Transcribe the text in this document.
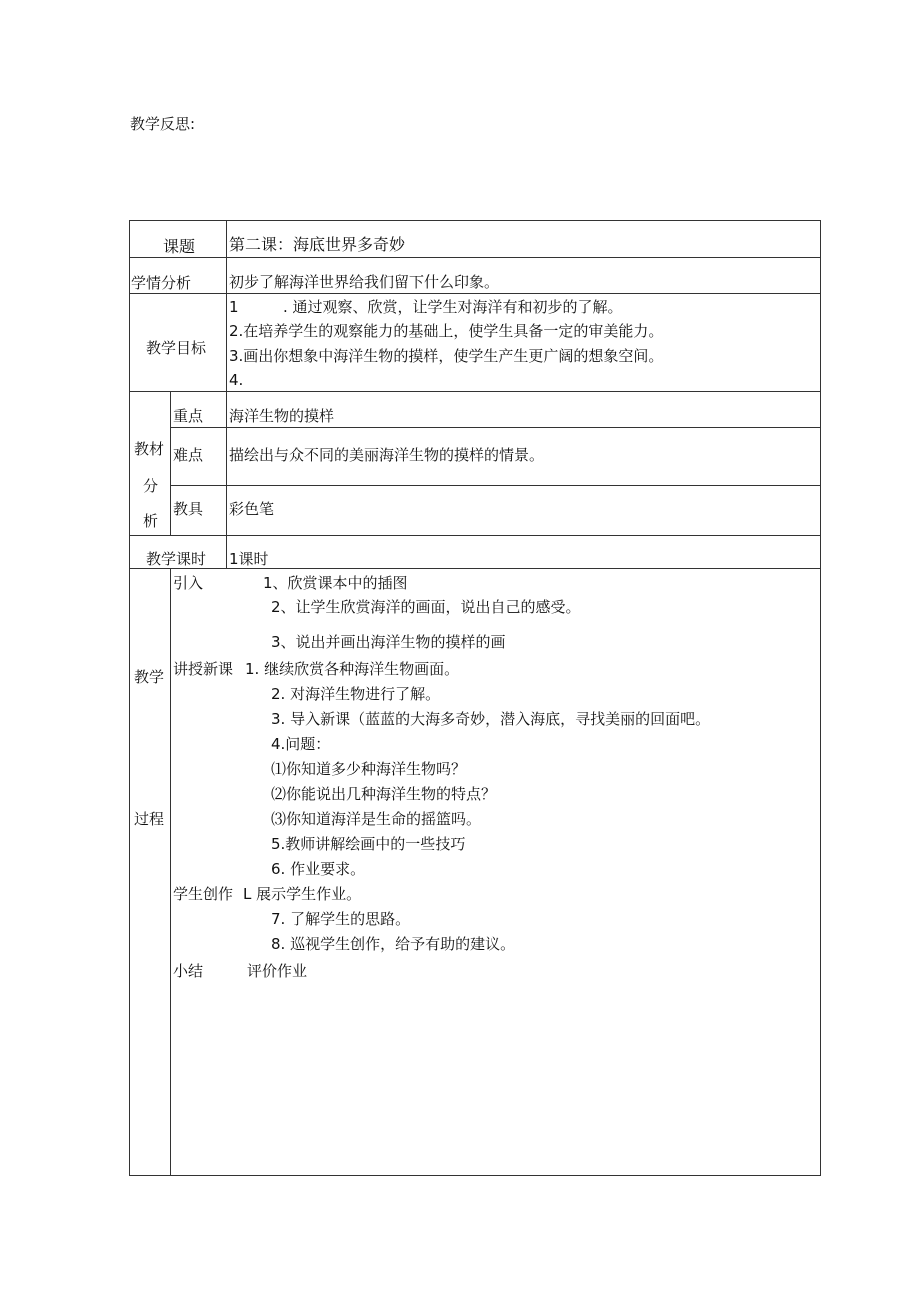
教学反思:
课题 第二课：海底世界多奇妙
学情分析	初步了解海洋世界给我们留下什么印象。
教学目标
1	. 通过观察、欣赏，让学生对海洋有和初步的了解。
2.在培养学生的观察能力的基础上，使学生具备一定的审美能力。
3.画出你想象中海洋生物的摸样，使学生产生更广阔的想象空间。
4.
教材
分
析
重点 海洋生物的摸样
难点 描绘出与众不同的美丽海洋生物的摸样的情景。
教具 彩色笔
教学课时 1课时
教学
过程
引入	1、欣赏课本中的插图
2、让学生欣赏海洋的画面，说出自己的感受。
3、说出并画出海洋生物的摸样的画
讲授新课 1. 继续欣赏各种海洋生物画面。
2. 对海洋生物进行了解。
3. 导入新课（蓝蓝的大海多奇妙，潜入海底，寻找美丽的回面吧。
4.问题：
⑴你知道多少种海洋生物吗？
⑵你能说出几种海洋生物的特点？
⑶你知道海洋是生命的摇篮吗。
5.教师讲解绘画中的一些技巧
6. 作业要求。
学生创作 L 展示学生作业。
7. 了解学生的思路。
8. 巡视学生创作，给予有助的建议。
小结	评价作业
